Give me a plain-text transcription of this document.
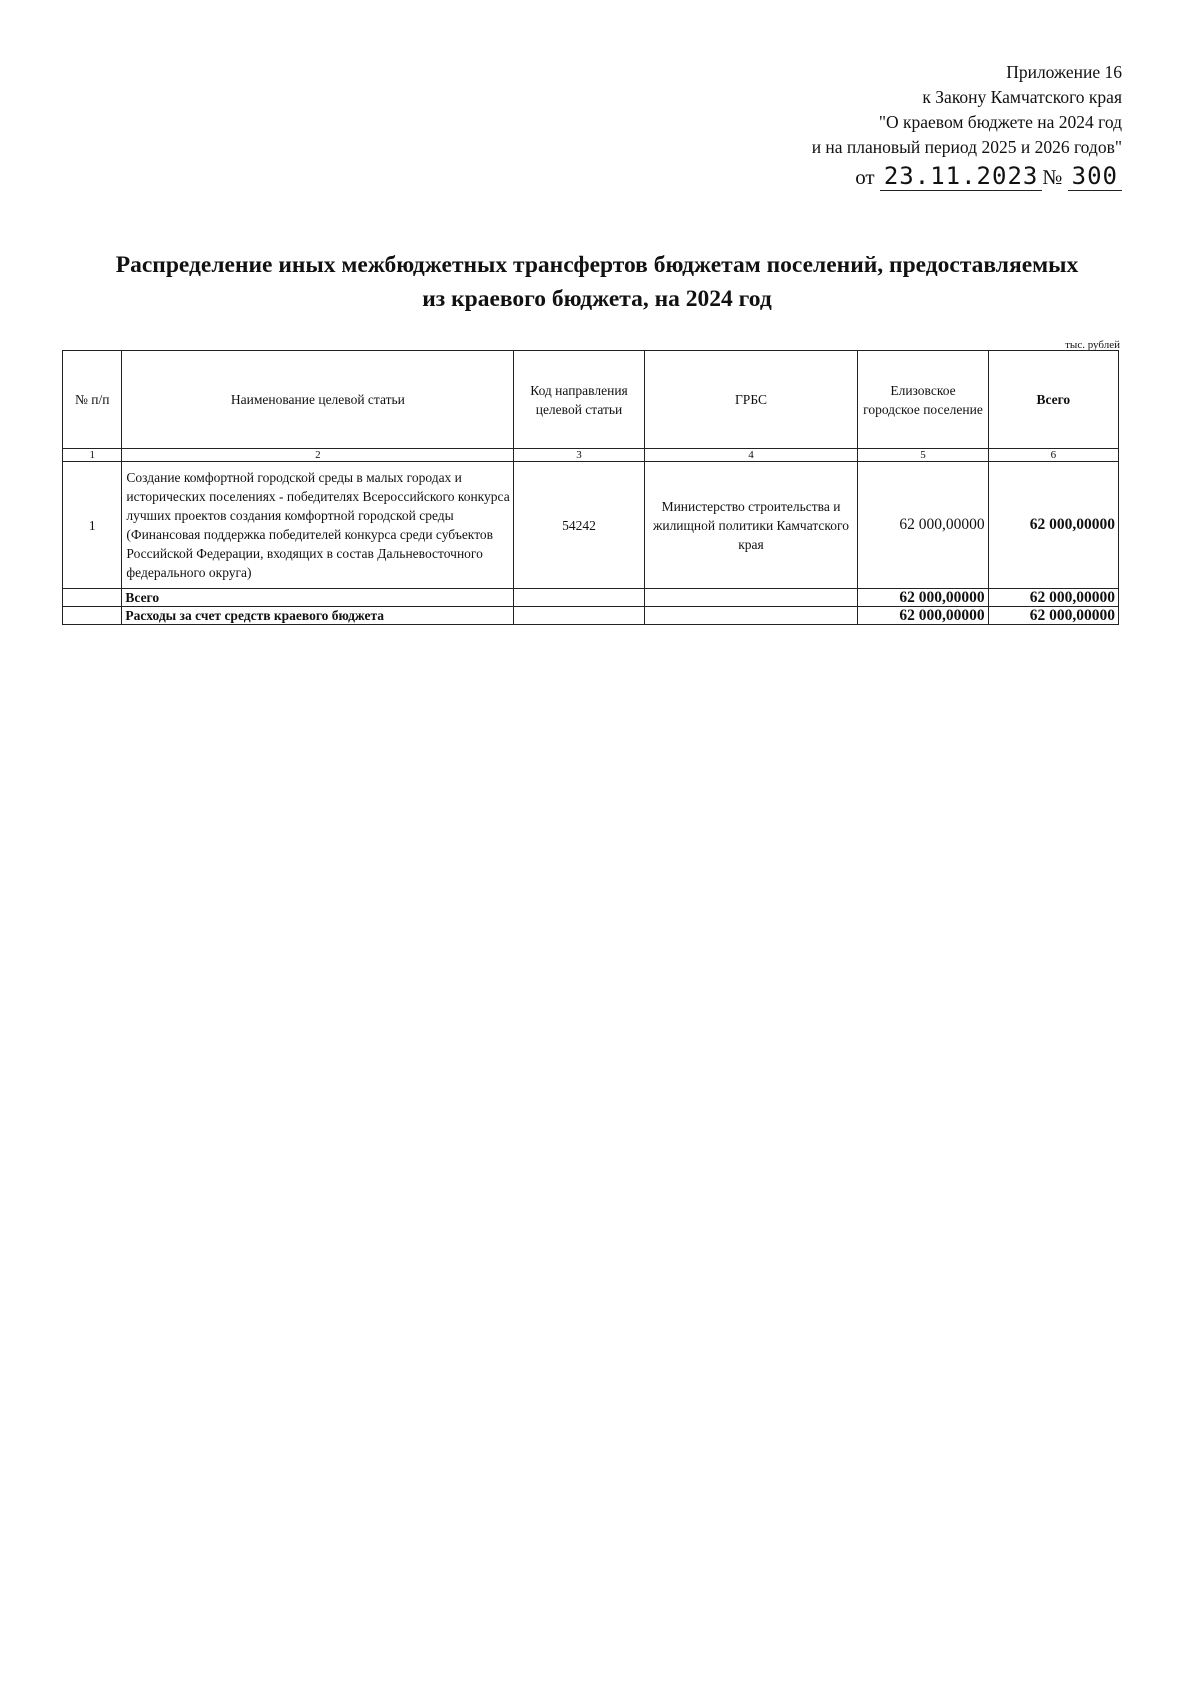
Приложение 16
к Закону Камчатского края
"О краевом бюджете на 2024 год
и на плановый период 2025 и 2026 годов"
от 23.11.2023 № 300
Распределение иных межбюджетных трансфертов бюджетам поселений, предоставляемых
из краевого бюджета, на 2024 год
тыс. рублей
№ п/п	Наименование целевой статьи	Код направления целевой статьи	ГРБС	Елизовское городское поселение	Всего
1	2	3	4	5	6
1	Создание комфортной городской среды в малых городах и исторических поселениях - победителях Всероссийского конкурса лучших проектов создания комфортной городской среды (Финансовая поддержка победителей конкурса среди субъектов Российской Федерации, входящих в состав Дальневосточного федерального округа)	54242	Министерство строительства и жилищной политики Камчатского края	62 000,00000	62 000,00000
	Всего			62 000,00000	62 000,00000
	Расходы за счет средств краевого бюджета			62 000,00000	62 000,00000
